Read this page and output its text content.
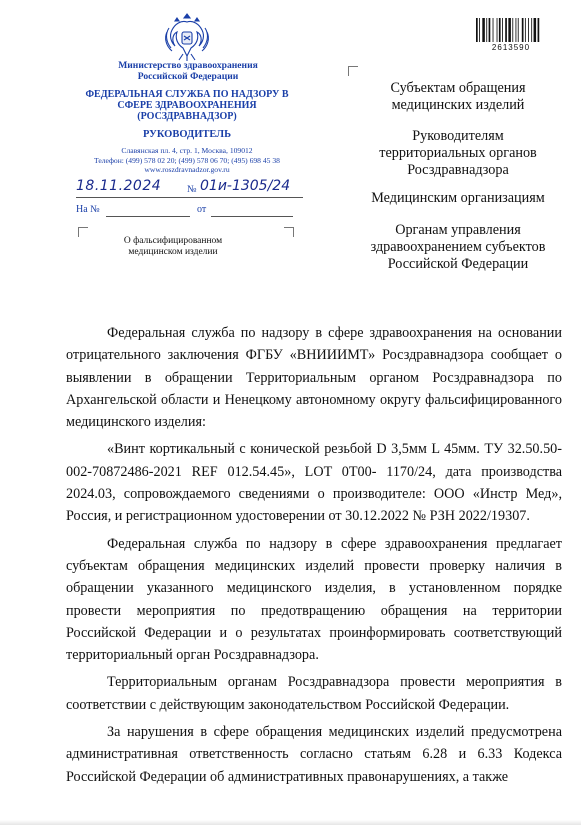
Министерство здравоохранения Российской Федерации
ФЕДЕРАЛЬНАЯ СЛУЖБА ПО НАДЗОРУ В СФЕРЕ ЗДРАВООХРАНЕНИЯ (РОСЗДРАВНАДЗОР)
РУКОВОДИТЕЛЬ
Славянская пл. 4, стр. 1, Москва, 109012
Телефон: (499) 578 02 20; (499) 578 06 70; (495) 698 45 38
www.roszdravnadzor.gov.ru
18.11.2024	№ 01и-1305/24
На №	от
О фальсифицированном медицинском изделии
2613590
Субъектам обращения медицинских изделий
Руководителям территориальных органов Росздравнадзора
Медицинским организациям
Органам управления здравоохранением субъектов Российской Федерации

Федеральная служба по надзору в сфере здравоохранения на основании отрицательного заключения ФГБУ «ВНИИИМТ» Росздравнадзора сообщает о выявлении в обращении Территориальным органом Росздравнадзора по Архангельской области и Ненецкому автономному округу фальсифицированного медицинского изделия:

«Винт кортикальный с конической резьбой D 3,5мм L 45мм. ТУ 32.50.50-002-70872486-2021 REF 012.54.45», LOT 0T00- 1170/24, дата производства 2024.03, сопровождаемого сведениями о производителе: ООО «Инстр Мед», Россия, и регистрационном удостоверении от 30.12.2022 № РЗН 2022/19307.

Федеральная служба по надзору в сфере здравоохранения предлагает субъектам обращения медицинских изделий провести проверку наличия в обращении указанного медицинского изделия, в установленном порядке провести мероприятия по предотвращению обращения на территории Российской Федерации и о результатах проинформировать соответствующий территориальный орган Росздравнадзора.

Территориальным органам Росздравнадзора провести мероприятия в соответствии с действующим законодательством Российской Федерации.

За нарушения в сфере обращения медицинских изделий предусмотрена административная ответственность согласно статьям 6.28 и 6.33 Кодекса Российской Федерации об административных правонарушениях, а также
